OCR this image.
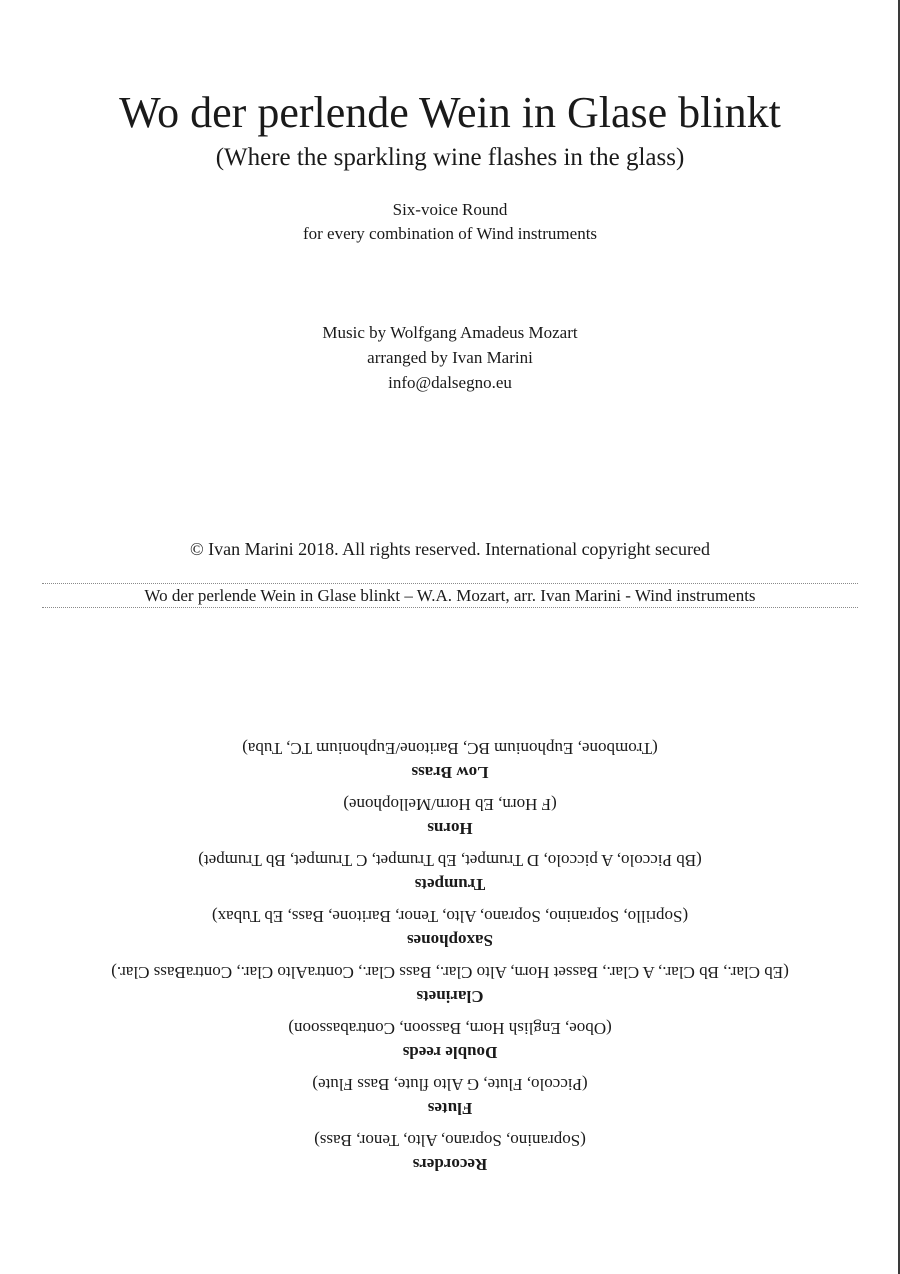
Wo der perlende Wein in Glase blinkt
(Where the sparkling wine flashes in the glass)
Six-voice Round
for every combination of Wind instruments
Music by Wolfgang Amadeus Mozart
arranged by Ivan Marini
info@dalsegno.eu
© Ivan Marini 2018. All rights reserved. International copyright secured
Wo der perlende Wein in Glase blinkt – W.A. Mozart, arr. Ivan Marini - Wind instruments
Recorders
(Sopranino, Soprano, Alto, Tenor, Bass)
Flutes
(Piccolo, Flute, G Alto flute, Bass Flute)
Double reeds
(Oboe, English Horn, Bassoon, Contrabassoon)
Clarinets
(Eb Clar., Bb Clar., A Clar., Basset Horn, Alto Clar., Bass Clar., ContraAlto Clar., ContraBass Clar.)
Saxophones
(Soprillo, Sopranino, Soprano, Alto, Tenor, Baritone, Bass, Eb Tubax)
Trumpets
(Bb Piccolo, A piccolo, D Trumpet, Eb Trumpet, C Trumpet, Bb Trumpet)
Horns
(F Horn, Eb Horn/Mellophone)
Low Brass
(Trombone, Euphonium BC, Baritone/Euphonium TC, Tuba)
